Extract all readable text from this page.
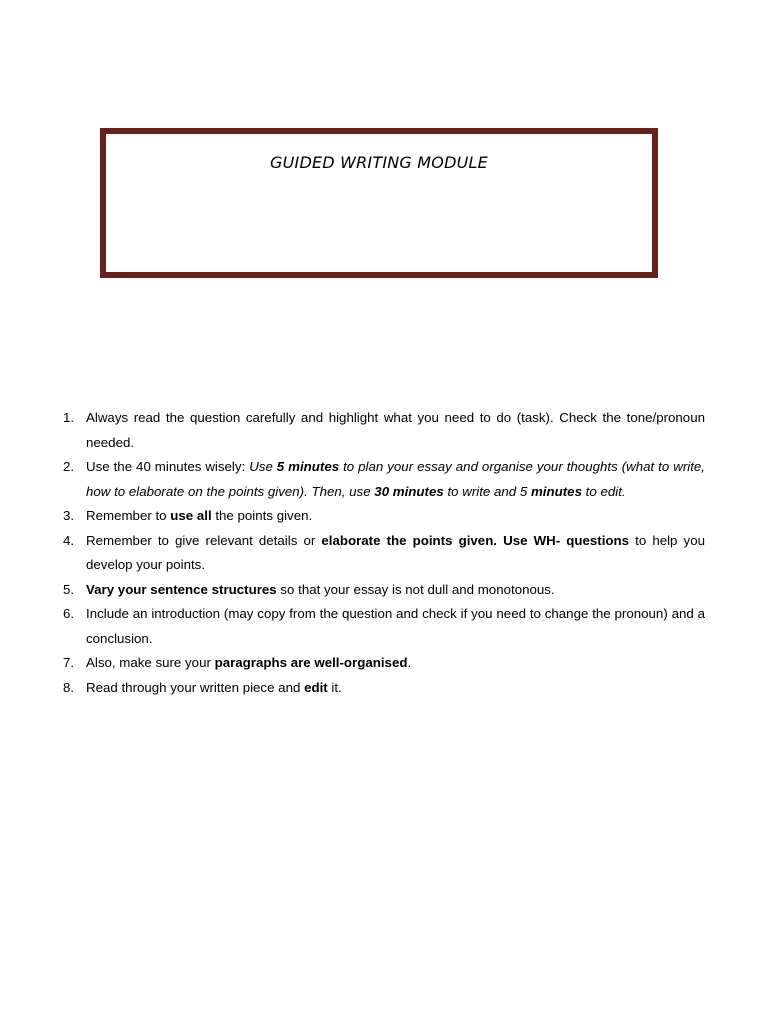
GUIDED WRITING MODULE
1. Always read the question carefully and highlight what you need to do (task). Check the tone/pronoun needed.
2. Use the 40 minutes wisely: Use 5 minutes to plan your essay and organise your thoughts (what to write, how to elaborate on the points given). Then, use 30 minutes to write and 5 minutes to edit.
3. Remember to use all the points given.
4. Remember to give relevant details or elaborate the points given. Use WH- questions to help you develop your points.
5. Vary your sentence structures so that your essay is not dull and monotonous.
6. Include an introduction (may copy from the question and check if you need to change the pronoun) and a conclusion.
7. Also, make sure your paragraphs are well-organised.
8. Read through your written piece and edit it.
